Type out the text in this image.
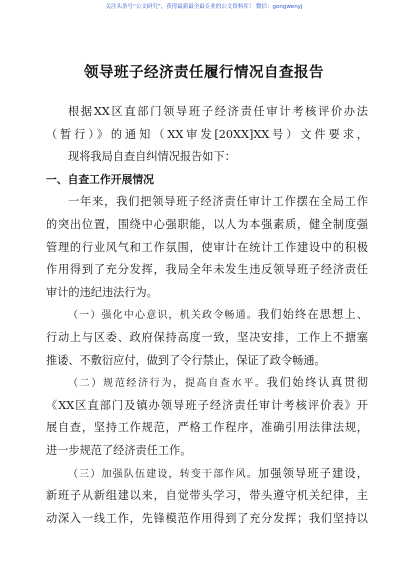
关注头条号“公文研究”，获得最新最全最专业的公文资料库！ 微信：gongwenyj
领导班子经济责任履行情况自查报告
根据XX区直部门领导班子经济责任审计考核评价办法
（暂行）》的通知（XX审发[20XX]XX号）文件要求，
现将我局自查自纠情况报告如下：
一、自查工作开展情况
一年来，我们把领导班子经济责任审计工作摆在全局工作
的突出位置，围绕中心强职能，以人为本强素质，健全制度强
管理的行业风气和工作氛围，使审计在统计工作建设中的积极
作用得到了充分发挥，我局全年未发生违反领导班子经济责任
审计的违纪违法行为。
（一）强化中心意识，机关政令畅通。我们始终在思想上、
行动上与区委、政府保持高度一致，坚决安排，工作上不搪塞
推诿、不敷衍应付，做到了令行禁止，保证了政令畅通。
（二）规范经济行为，提高自查水平。我们始终认真贯彻
《XX区直部门及镇办领导班子经济责任审计考核评价表》开
展自查，坚持工作规范，严格工作程序，准确引用法律法规，
进一步规范了经济责任工作。
（三）加强队伍建设，转变干部作风。加强领导班子建设，
新班子从新组建以来，自觉带头学习，带头遵守机关纪律，主
动深入一线工作，先锋模范作用得到了充分发挥；我们坚持以
